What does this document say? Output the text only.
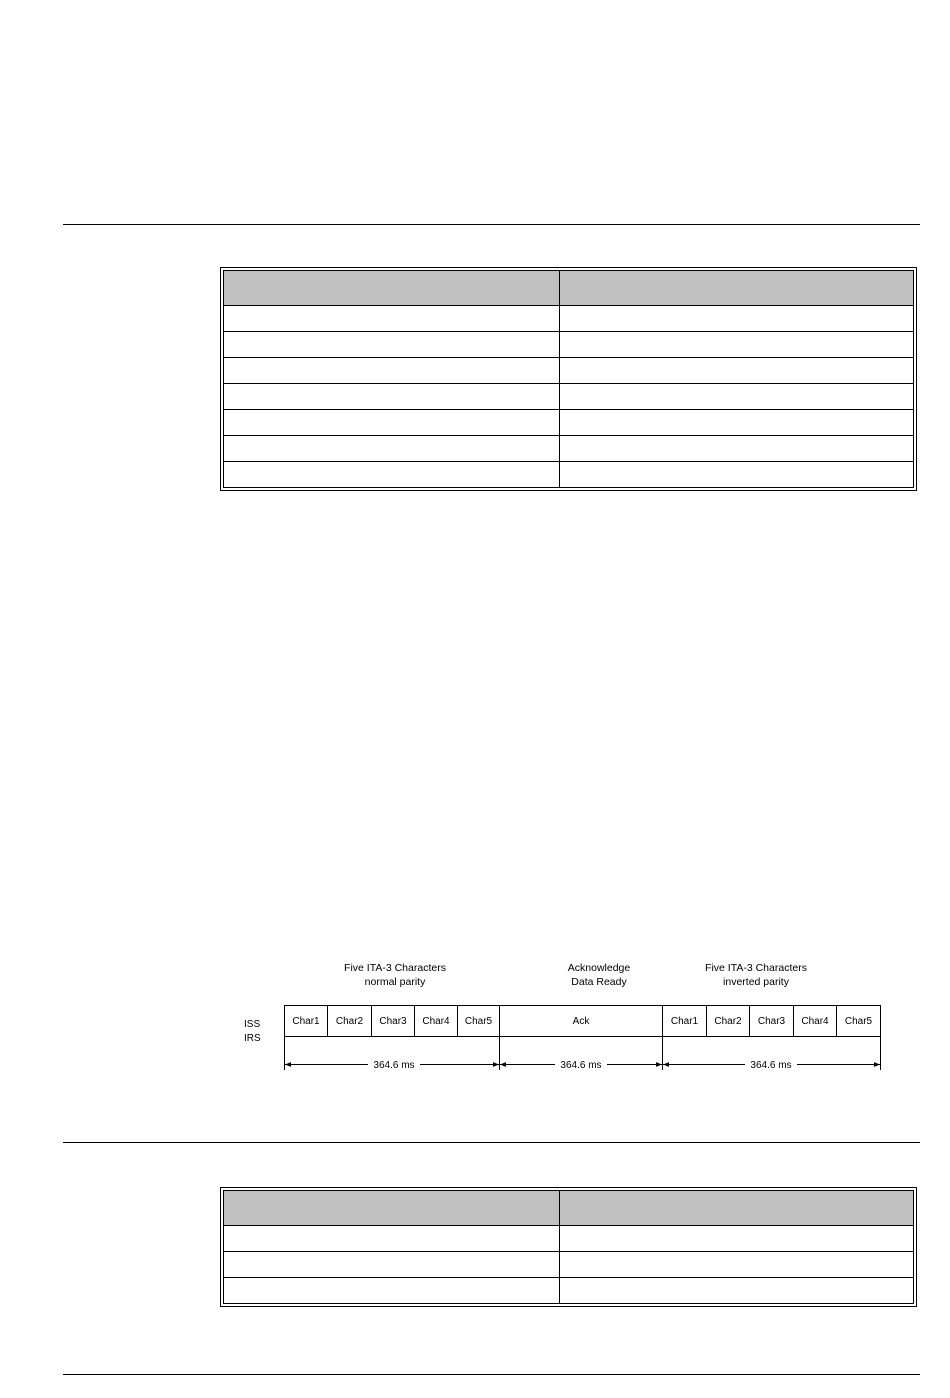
Five ITA-3 Characters
normal parity
Acknowledge
Data Ready
Five ITA-3 Characters
inverted parity
ISS
IRS
Char1 Char2 Char3 Char4 Char5	Ack	Char1 Char2 Char3 Char4 Char5
364.6 ms	364.6 ms	364.6 ms
